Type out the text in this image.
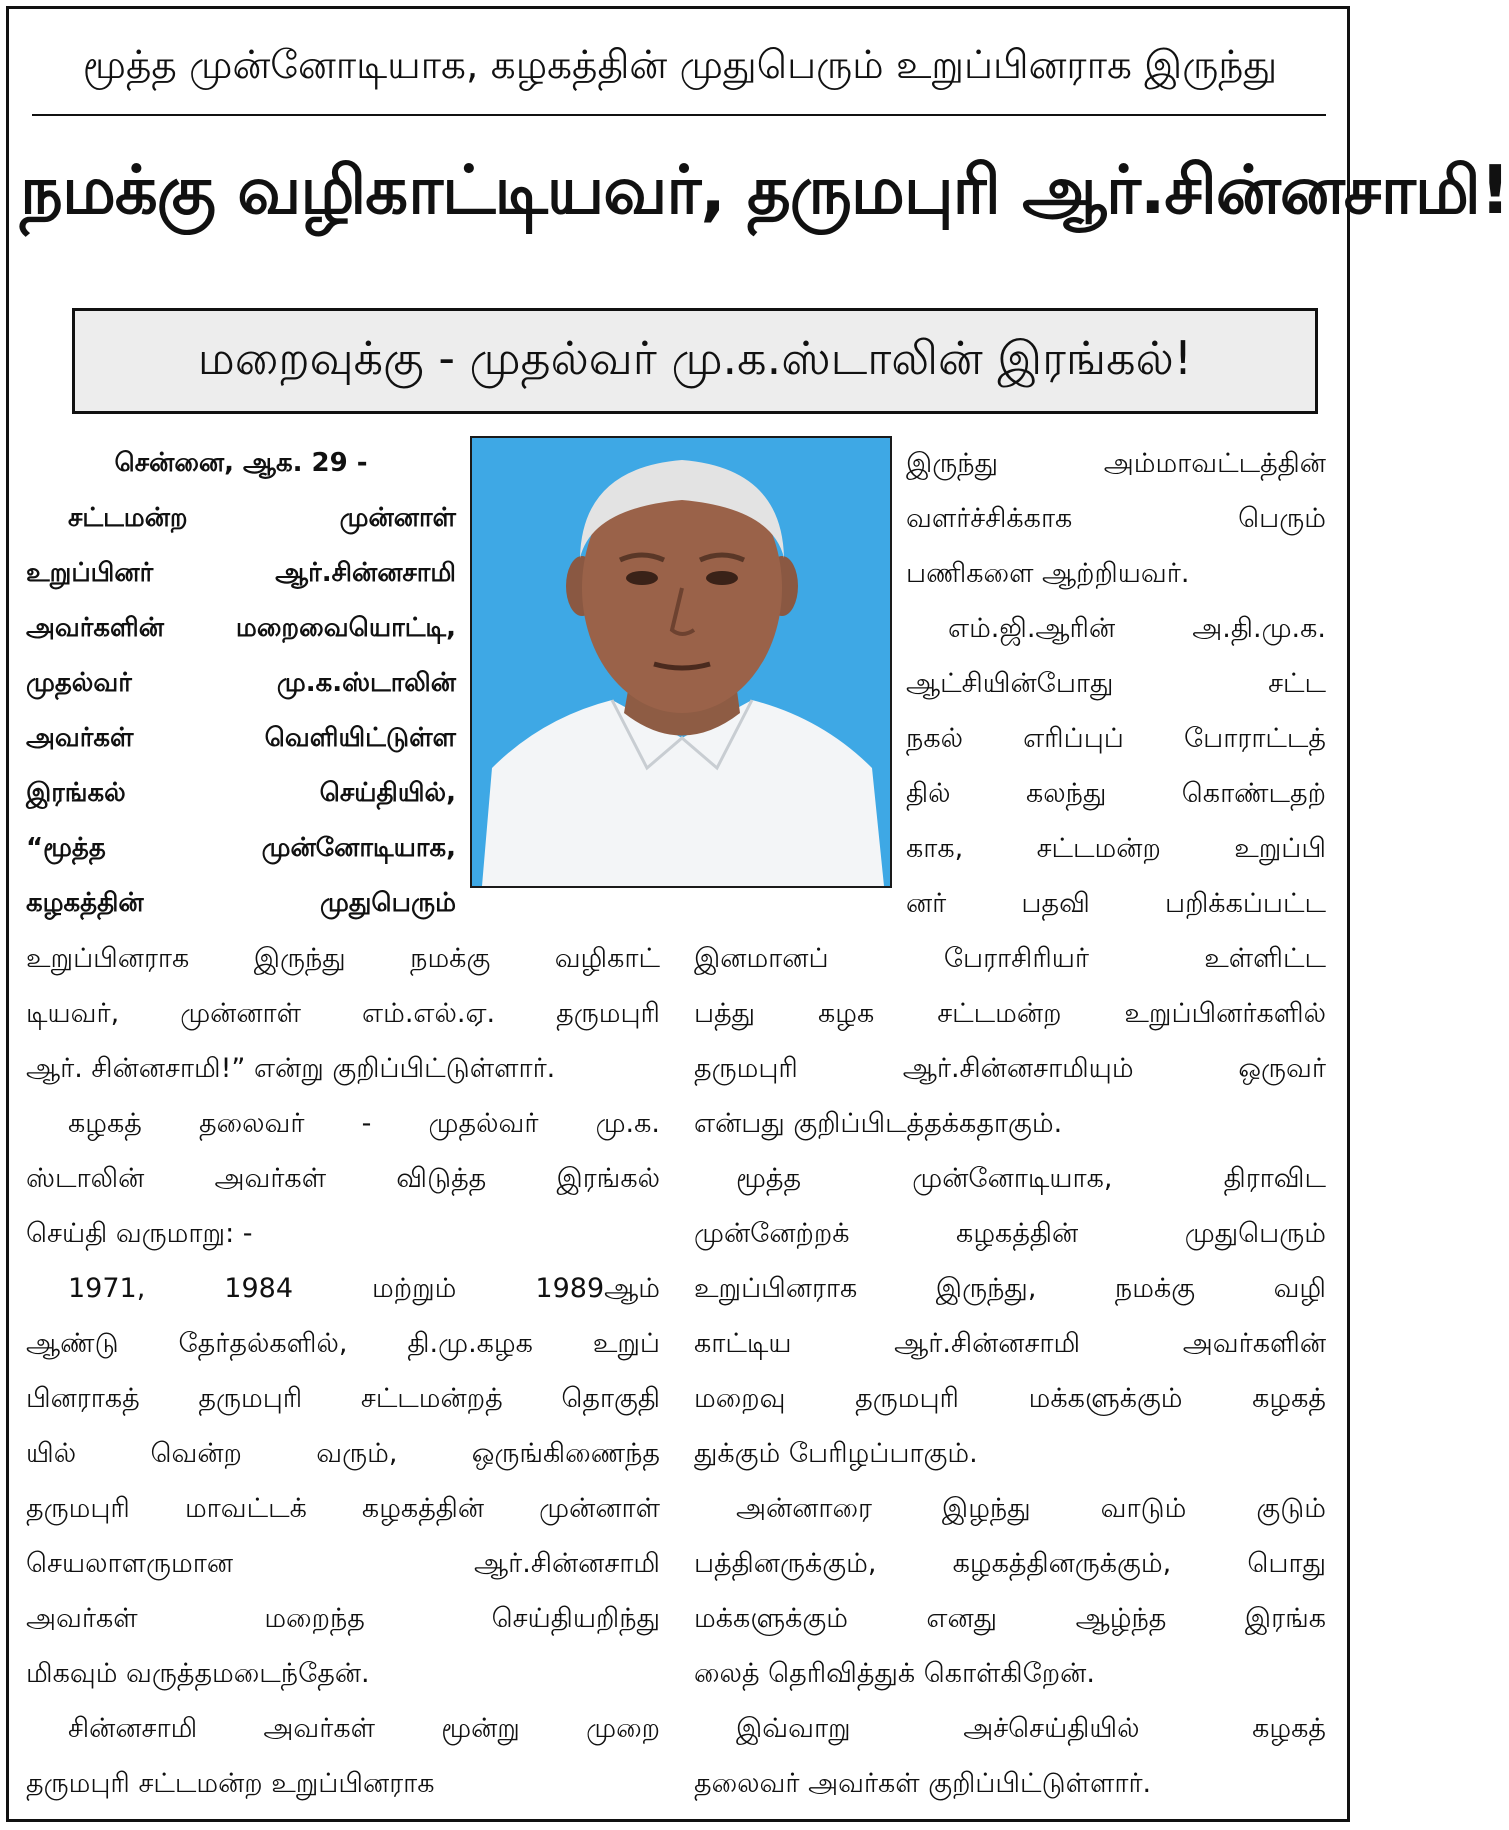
மூத்த முன்னோடியாக, கழகத்தின் முதுபெரும் உறுப்பினராக இருந்து
நமக்கு வழிகாட்டியவர், தருமபுரி ஆர்.சின்னசாமி!
மறைவுக்கு - முதல்வர் மு.க.ஸ்டாலின் இரங்கல்!

சென்னை, ஆக. 29 -

சட்டமன்ற முன்னாள்

உறுப்பினர் ஆர்.சின்னசாமி

அவர்களின் மறைவையொட்டி,

முதல்வர் மு.க.ஸ்டாலின்

அவர்கள் வெளியிட்டுள்ள

இரங்கல் செய்தியில்,

“மூத்த முன்னோடியாக,

கழகத்தின் முதுபெரும்

உறுப்பினராக இருந்து நமக்கு வழிகாட்

டியவர், முன்னாள் எம்.எல்.ஏ. தருமபுரி

ஆர். சின்னசாமி!” என்று குறிப்பிட்டுள்ளார்.

கழகத் தலைவர் - முதல்வர் மு.க.

ஸ்டாலின் அவர்கள் விடுத்த இரங்கல்

செய்தி வருமாறு: -

1971, 1984 மற்றும் 1989ஆம்

ஆண்டு தேர்தல்களில், தி.மு.கழக உறுப்

பினராகத் தருமபுரி சட்டமன்றத் தொகுதி

யில் வென்ற வரும், ஒருங்கிணைந்த

தருமபுரி மாவட்டக் கழகத்தின் முன்னாள்

செயலாளருமான ஆர்.சின்னசாமி

அவர்கள் மறைந்த செய்தியறிந்து

மிகவும் வருத்தமடைந்தேன்.

சின்னசாமி அவர்கள் மூன்று முறை

தருமபுரி சட்டமன்ற உறுப்பினராக

இருந்து அம்மாவட்டத்தின்

வளர்ச்சிக்காக பெரும்

பணிகளை ஆற்றியவர்.

எம்.ஜி.ஆரின் அ.தி.மு.க.

ஆட்சியின்போது சட்ட

நகல் எரிப்புப் போராட்டத்

தில் கலந்து கொண்டதற்

காக, சட்டமன்ற உறுப்பி

னர் பதவி பறிக்கப்பட்ட

இனமானப் பேராசிரியர் உள்ளிட்ட

பத்து கழக சட்டமன்ற உறுப்பினர்களில்

தருமபுரி ஆர்.சின்னசாமியும் ஒருவர்

என்பது குறிப்பிடத்தக்கதாகும்.

மூத்த முன்னோடியாக, திராவிட

முன்னேற்றக் கழகத்தின் முதுபெரும்

உறுப்பினராக இருந்து, நமக்கு வழி

காட்டிய ஆர்.சின்னசாமி அவர்களின்

மறைவு தருமபுரி மக்களுக்கும் கழகத்

துக்கும் பேரிழப்பாகும்.

அன்னாரை இழந்து வாடும் குடும்

பத்தினருக்கும், கழகத்தினருக்கும், பொது

மக்களுக்கும் எனது ஆழ்ந்த இரங்க

லைத் தெரிவித்துக் கொள்கிறேன்.

இவ்வாறு அச்செய்தியில் கழகத்

தலைவர் அவர்கள் குறிப்பிட்டுள்ளார்.
